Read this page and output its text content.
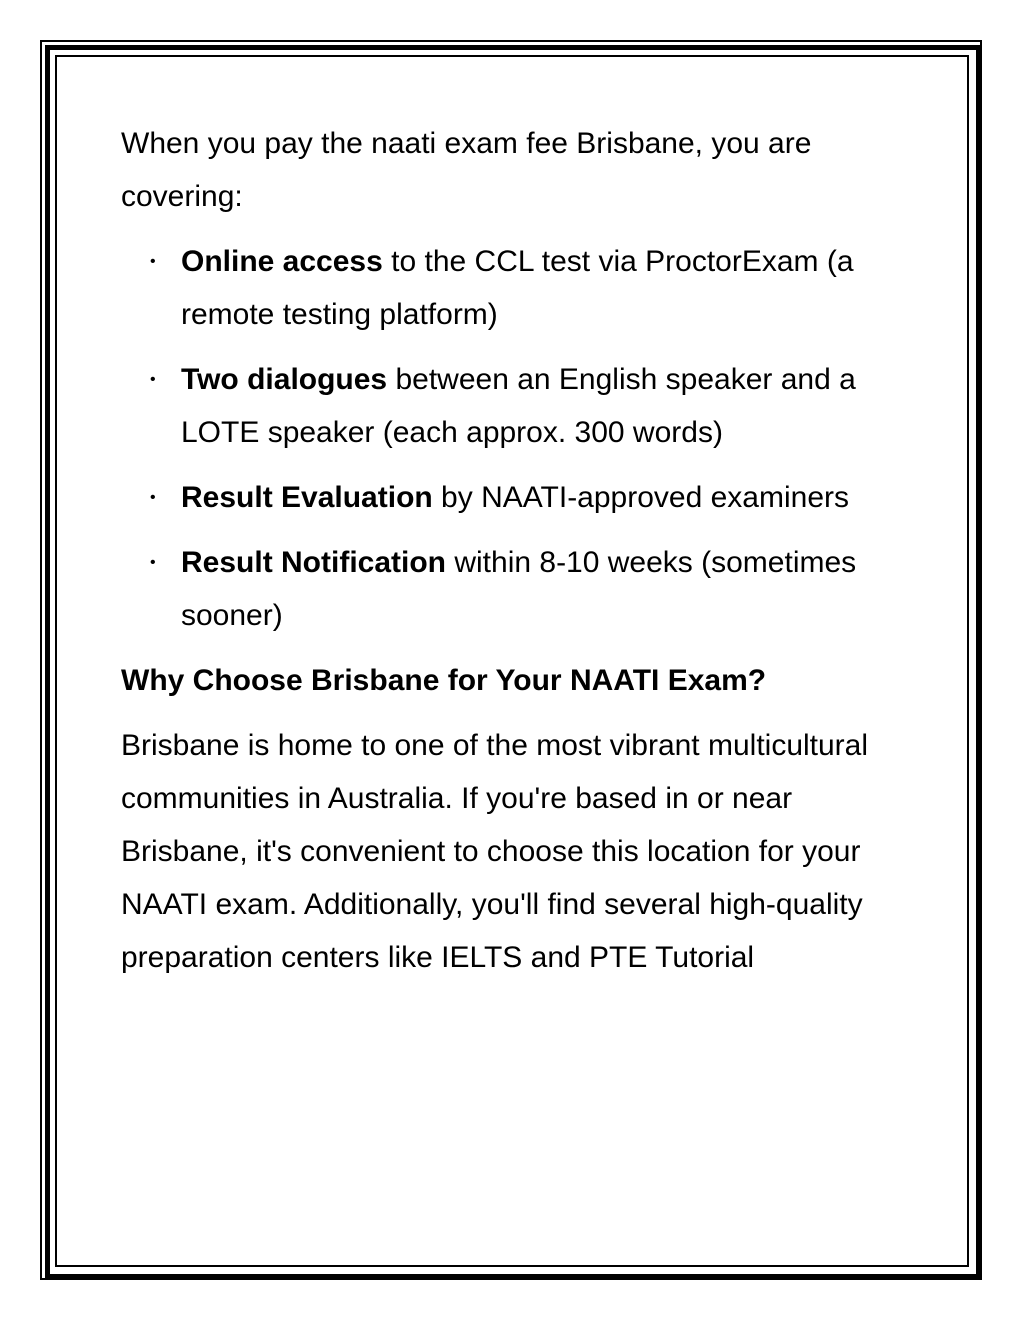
When you pay the naati exam fee Brisbane, you are covering:

• Online access to the CCL test via ProctorExam (a remote testing platform)
• Two dialogues between an English speaker and a LOTE speaker (each approx. 300 words)
• Result Evaluation by NAATI-approved examiners
• Result Notification within 8-10 weeks (sometimes sooner)

Why Choose Brisbane for Your NAATI Exam?

Brisbane is home to one of the most vibrant multicultural communities in Australia. If you're based in or near Brisbane, it's convenient to choose this location for your NAATI exam. Additionally, you'll find several high-quality preparation centers like IELTS and PTE Tutorial
